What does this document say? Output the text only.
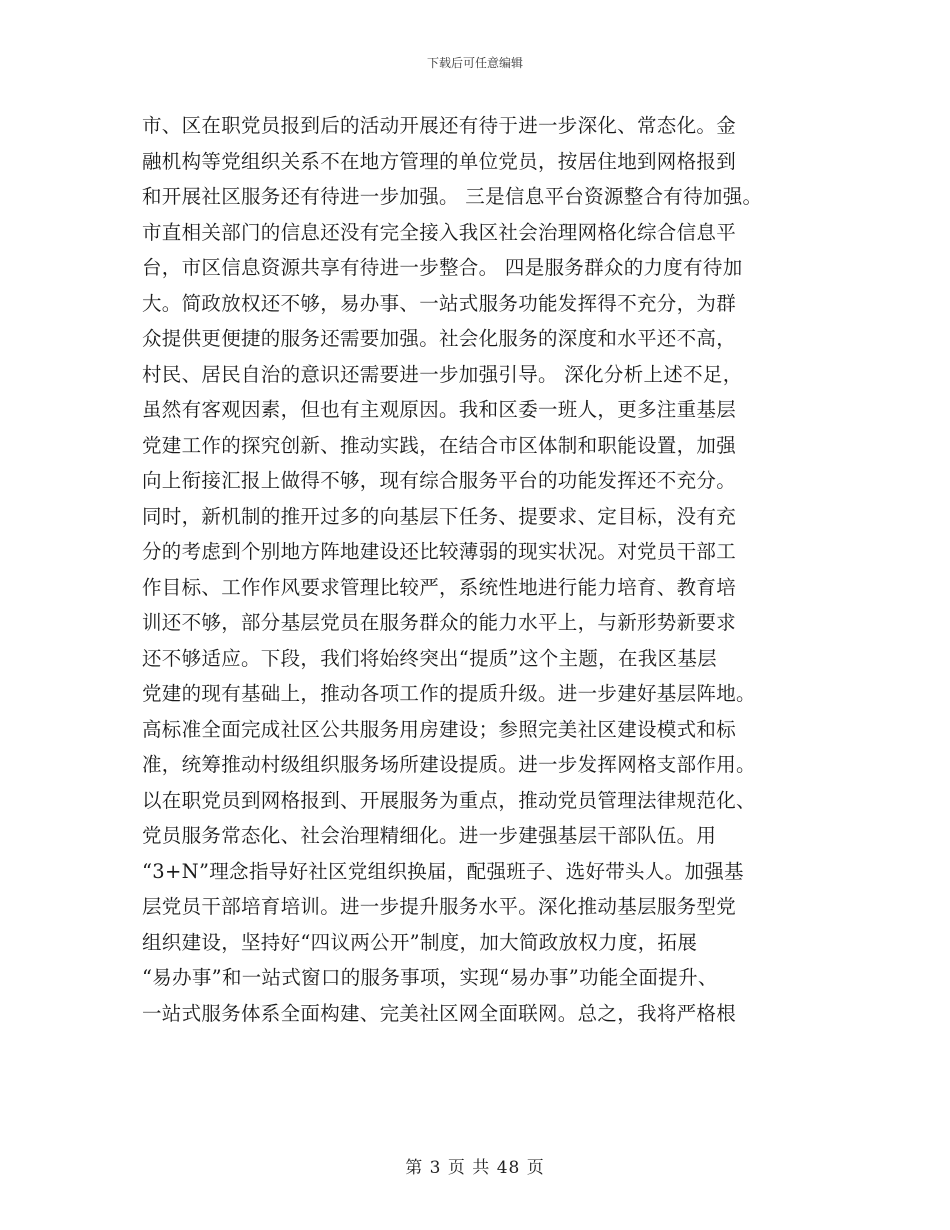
下载后可任意编辑
市、区在职党员报到后的活动开展还有待于进一步深化、常态化。金
融机构等党组织关系不在地方管理的单位党员，按居住地到网格报到
和开展社区服务还有待进一步加强。 三是信息平台资源整合有待加强。
市直相关部门的信息还没有完全接入我区社会治理网格化综合信息平
台，市区信息资源共享有待进一步整合。 四是服务群众的力度有待加
大。简政放权还不够，易办事、一站式服务功能发挥得不充分，为群
众提供更便捷的服务还需要加强。社会化服务的深度和水平还不高，
村民、居民自治的意识还需要进一步加强引导。 深化分析上述不足，
虽然有客观因素，但也有主观原因。我和区委一班人，更多注重基层
党建工作的探究创新、推动实践，在结合市区体制和职能设置，加强
向上衔接汇报上做得不够，现有综合服务平台的功能发挥还不充分。
同时，新机制的推开过多的向基层下任务、提要求、定目标，没有充
分的考虑到个别地方阵地建设还比较薄弱的现实状况。对党员干部工
作目标、工作作风要求管理比较严，系统性地进行能力培育、教育培
训还不够，部分基层党员在服务群众的能力水平上，与新形势新要求
还不够适应。下段，我们将始终突出“提质”这个主题，在我区基层
党建的现有基础上，推动各项工作的提质升级。进一步建好基层阵地。
高标准全面完成社区公共服务用房建设；参照完美社区建设模式和标
准，统筹推动村级组织服务场所建设提质。进一步发挥网格支部作用。
以在职党员到网格报到、开展服务为重点，推动党员管理法律规范化、
党员服务常态化、社会治理精细化。进一步建强基层干部队伍。用
“3+N”理念指导好社区党组织换届，配强班子、选好带头人。加强基
层党员干部培育培训。进一步提升服务水平。深化推动基层服务型党
组织建设，坚持好“四议两公开”制度，加大简政放权力度，拓展
“易办事”和一站式窗口的服务事项，实现“易办事”功能全面提升、
一站式服务体系全面构建、完美社区网全面联网。总之，我将严格根
第 3 页 共 48 页
